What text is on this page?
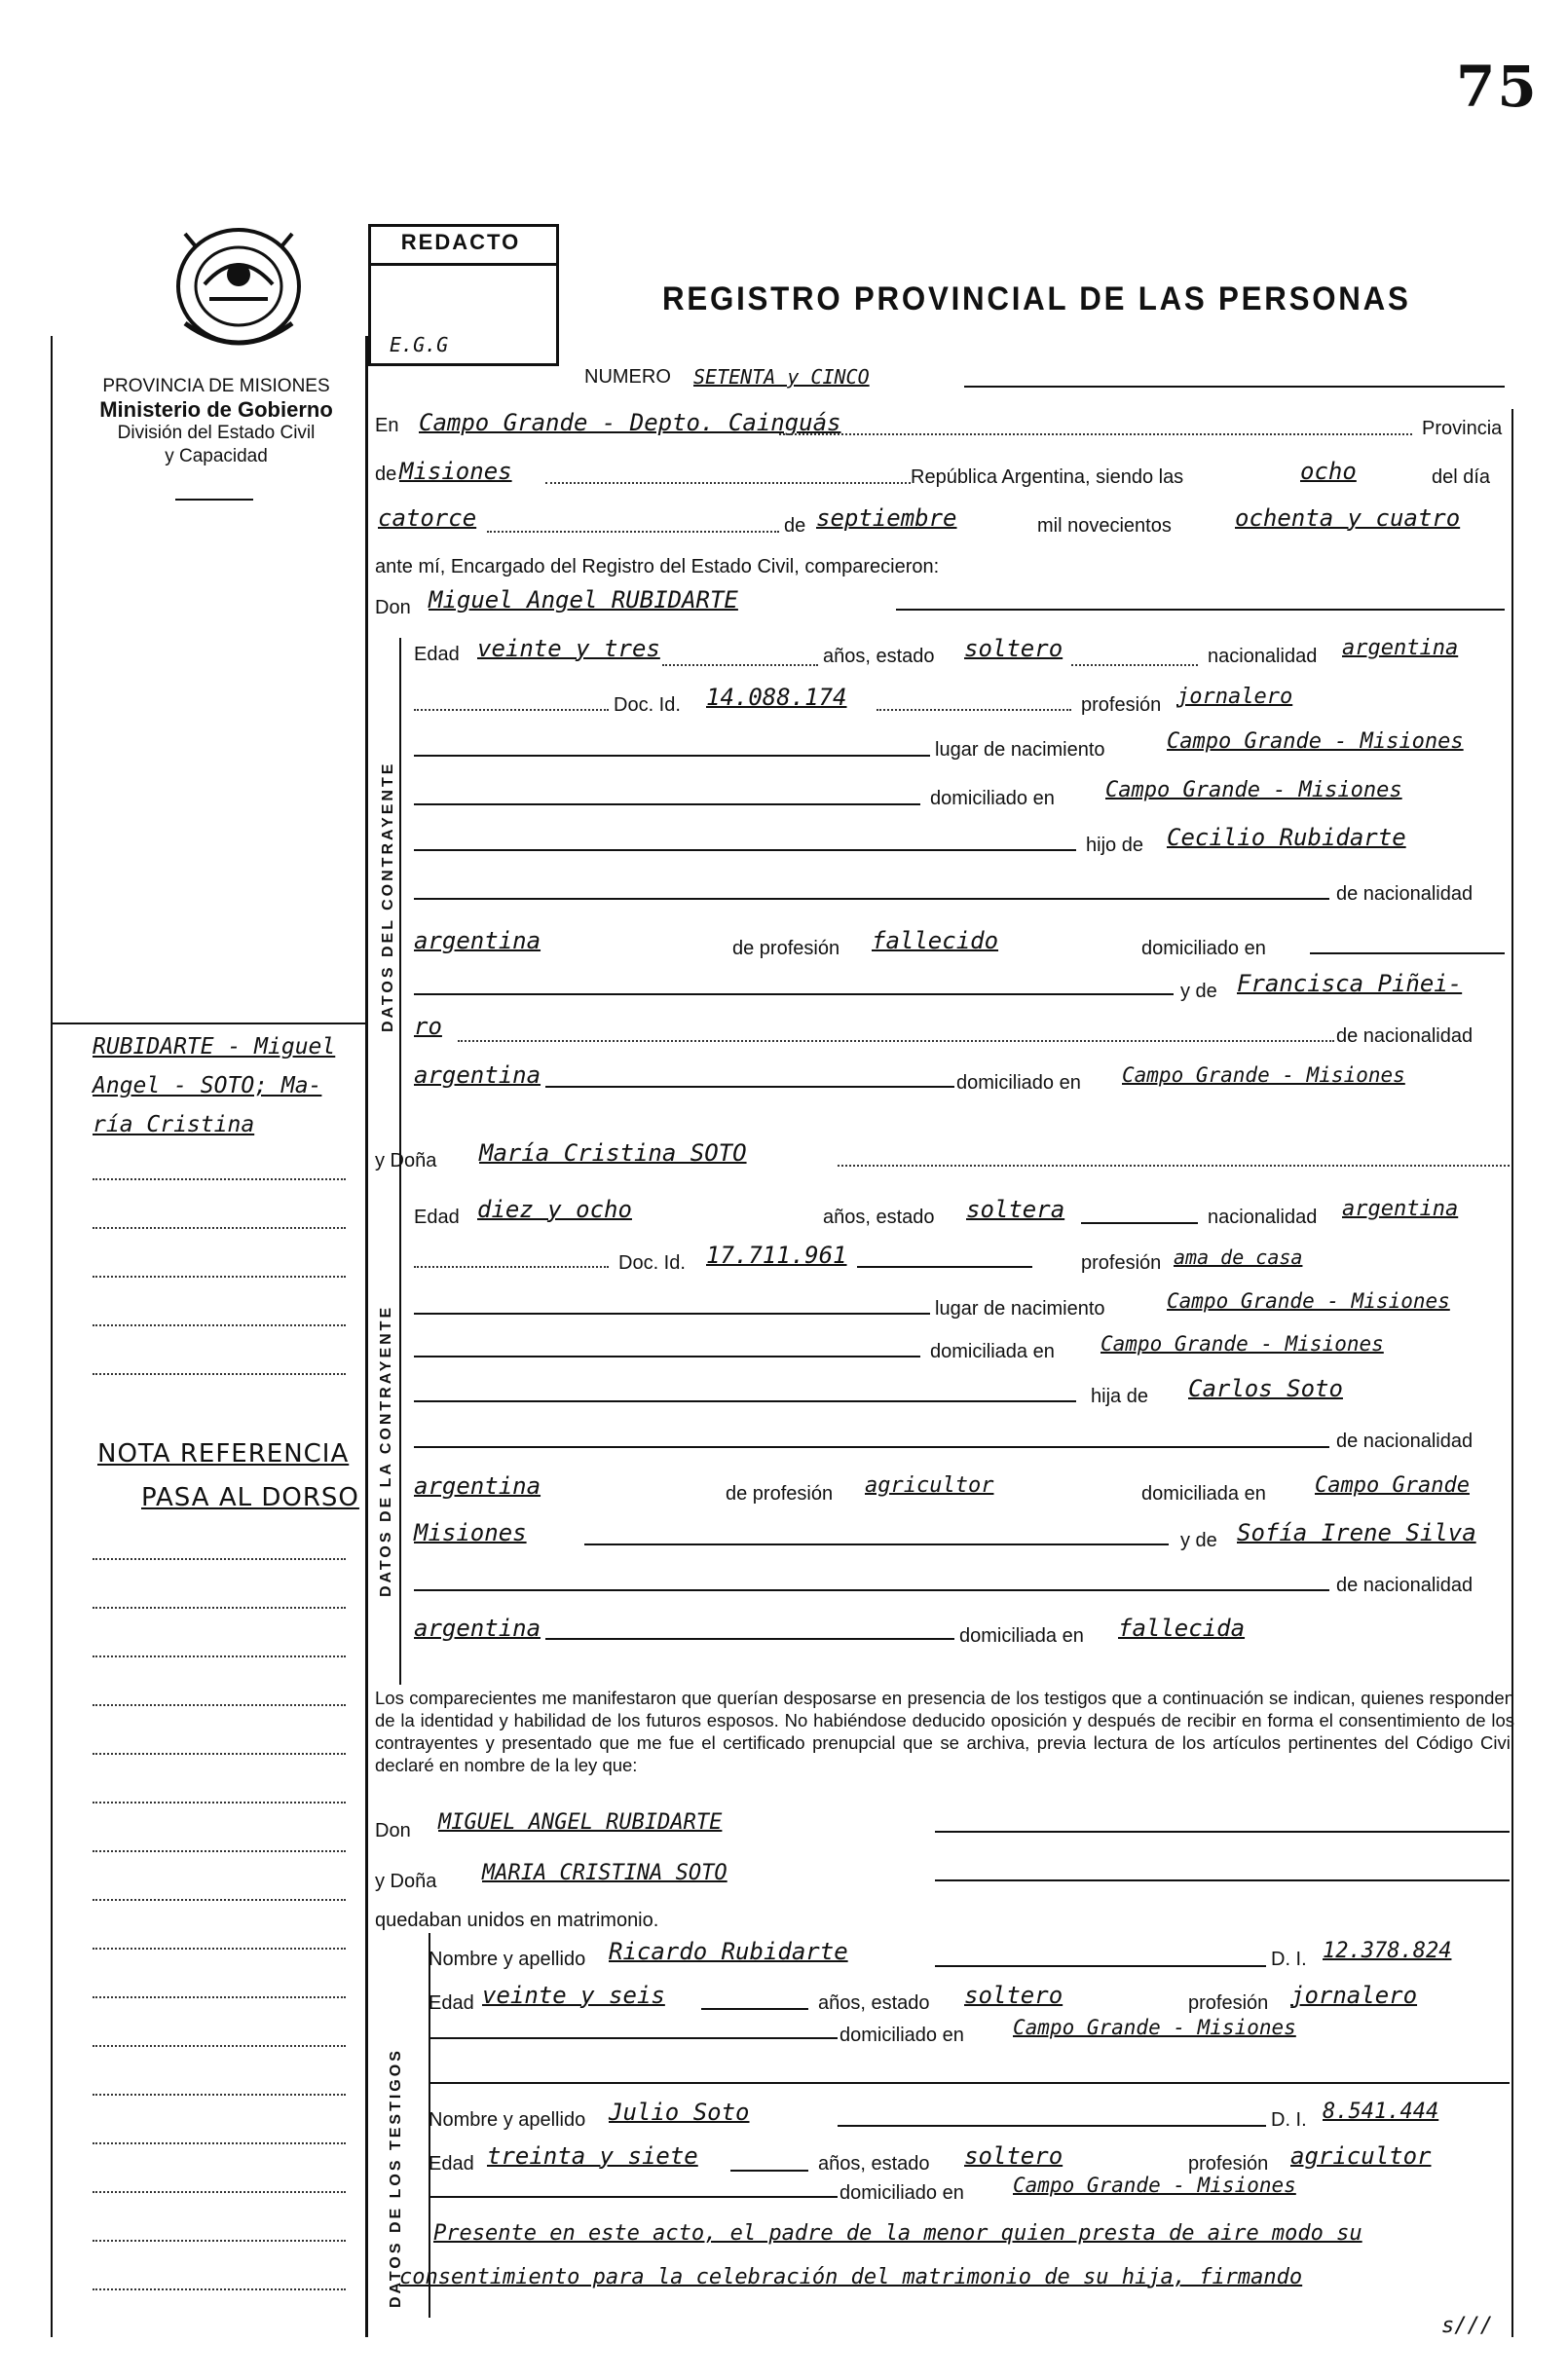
75
PROVINCIA DE MISIONES
Ministerio de Gobierno
División del Estado Civil
y Capacidad
REDACTO
E.G.G
REGISTRO PROVINCIAL DE LAS PERSONAS
DATOS DEL CONTRAYENTE
DATOS DE LA CONTRAYENTE
DATOS DE LOS TESTIGOS
NUMERO SETENTA y CINCO
En Campo Grande - Depto. Cainguás	Provincia
de Misiones	República Argentina, siendo las	ocho	del día
catorce	de septiembre	mil novecientos	ochenta y cuatro
ante mí, Encargado del Registro del Estado Civil, comparecieron:
Don Miguel Angel RUBIDARTE
Edad veinte y tres	años, estado soltero	nacionalidad argentina
Doc. Id. 14.088.174	profesión jornalero
lugar de nacimiento	Campo Grande - Misiones
domiciliado en Campo Grande - Misiones
hijo de Cecilio Rubidarte
de nacionalidad
argentina	de profesión fallecido	domiciliado en
y de Francisca Piñei-
ro	de nacionalidad
argentina	domiciliado en Campo Grande - Misiones
y Doña María Cristina SOTO
Edad diez y ocho	años, estado soltera	nacionalidad argentina
Doc. Id. 17.711.961	profesión ama de casa
lugar de nacimiento	Campo Grande - Misiones
domiciliada en Campo Grande - Misiones
hija de Carlos Soto
de nacionalidad
argentina	de profesión agricultor	domiciliada en Campo Grande
Misiones	y de Sofía Irene Silva
de nacionalidad
argentina	domiciliada en fallecida
Los comparecientes me manifestaron que querían desposarse en presencia de los testigos que a continuación se indican, quienes responden de la identidad y habilidad de los futuros esposos. No habiéndose deducido oposición y después de recibir en forma el consentimiento de los contrayentes y presentado que me fue el certificado prenupcial que se archiva, previa lectura de los artículos pertinentes del Código Civil declaré en nombre de la ley que:
Don MIGUEL ANGEL RUBIDARTE
y Doña MARIA CRISTINA SOTO
quedaban unidos en matrimonio.
Nombre y apellido Ricardo Rubidarte	D. I. 12.378.824
Edad veinte y seis	años, estado soltero	profesión jornalero
domiciliado en Campo Grande - Misiones
Nombre y apellido Julio Soto	D. I. 8.541.444
Edad treinta y siete	años, estado soltero	profesión agricultor
domiciliado en Campo Grande - Misiones
Presente en este acto, el padre de la menor quien presta de aire modo su
consentimiento para la celebración del matrimonio de su hija, firmando
s///
RUBIDARTE - Miguel
Angel - SOTO; Ma-
ría Cristina
NOTA REFERENCIA
PASA AL DORSO
